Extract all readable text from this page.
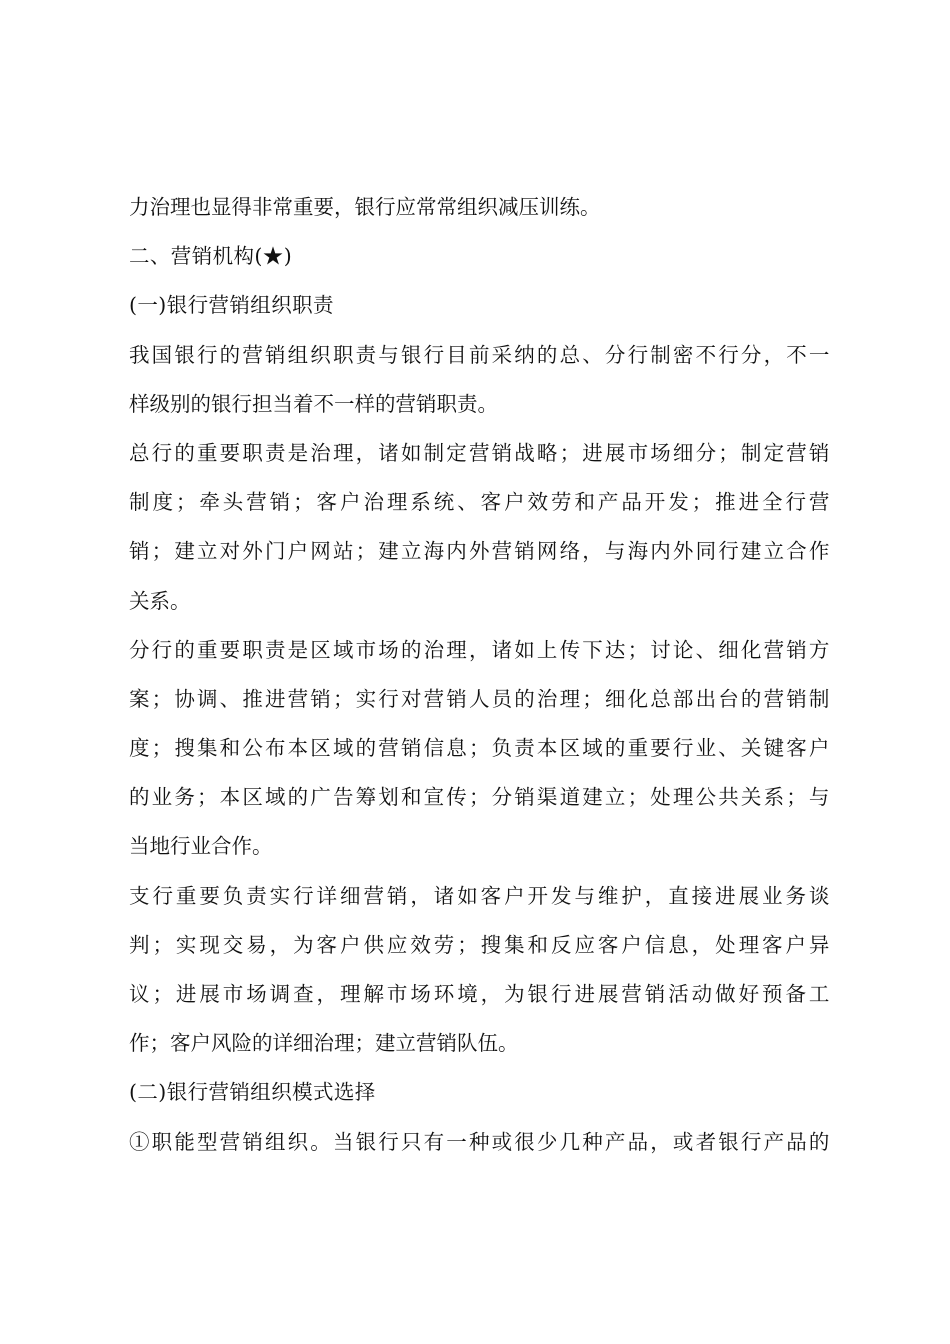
力治理也显得非常重要，银行应常常组织减压训练。
二、营销机构(★)
(一)银行营销组织职责
我国银行的营销组织职责与银行目前采纳的总、分行制密不行分，不一
样级别的银行担当着不一样的营销职责。
总行的重要职责是治理，诸如制定营销战略；进展市场细分；制定营销
制度；牵头营销；客户治理系统、客户效劳和产品开发；推进全行营
销；建立对外门户网站；建立海内外营销网络，与海内外同行建立合作
关系。
分行的重要职责是区域市场的治理，诸如上传下达；讨论、细化营销方
案；协调、推进营销；实行对营销人员的治理；细化总部出台的营销制
度；搜集和公布本区域的营销信息；负责本区域的重要行业、关键客户
的业务；本区域的广告筹划和宣传；分销渠道建立；处理公共关系；与
当地行业合作。
支行重要负责实行详细营销，诸如客户开发与维护，直接进展业务谈
判；实现交易，为客户供应效劳；搜集和反应客户信息，处理客户异
议；进展市场调查，理解市场环境，为银行进展营销活动做好预备工
作；客户风险的详细治理；建立营销队伍。
(二)银行营销组织模式选择
①职能型营销组织。当银行只有一种或很少几种产品，或者银行产品的
